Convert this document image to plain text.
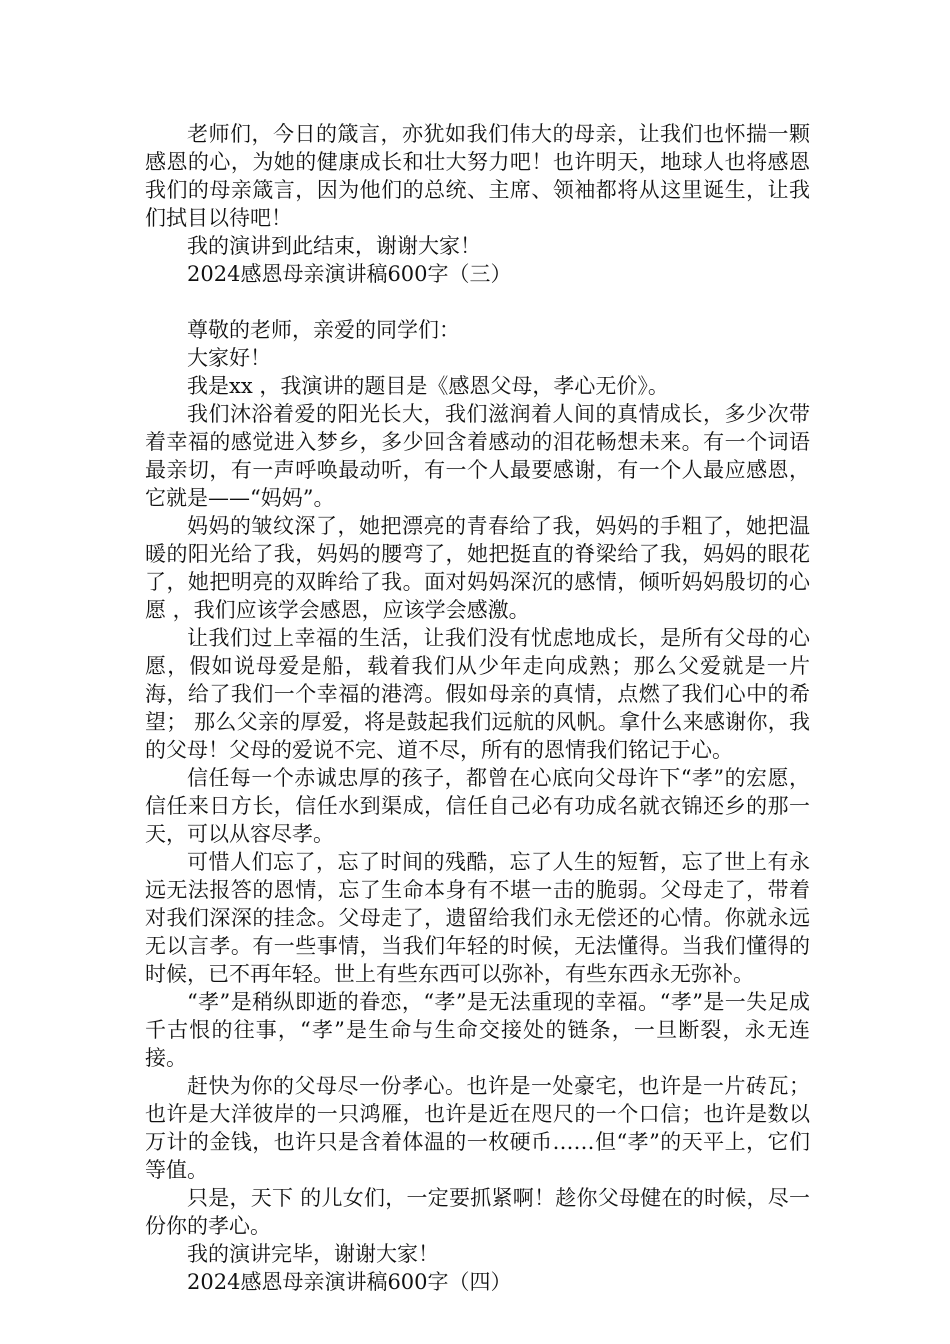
老师们，今日的箴言，亦犹如我们伟大的母亲，让我们也怀揣一颗感恩的心，为她的健康成长和壮大努力吧！也许明天，地球人也将感恩我们的母亲箴言，因为他们的总统、主席、领袖都将从这里诞生，让我们拭目以待吧！

我的演讲到此结束，谢谢大家！

2024感恩母亲演讲稿600字（三）

尊敬的老师，亲爱的同学们：

大家好！

我是xx ，我演讲的题目是《感恩父母，孝心无价》。

我们沐浴着爱的阳光长大，我们滋润着人间的真情成长，多少次带着幸福的感觉进入梦乡，多少回含着感动的泪花畅想未来。有一个词语最亲切，有一声呼唤最动听，有一个人最要感谢，有一个人最应感恩，它就是——“妈妈”。

妈妈的皱纹深了，她把漂亮的青春给了我，妈妈的手粗了，她把温暖的阳光给了我，妈妈的腰弯了，她把挺直的脊梁给了我，妈妈的眼花了，她把明亮的双眸给了我。面对妈妈深沉的感情，倾听妈妈殷切的心愿 ，我们应该学会感恩，应该学会感激。

让我们过上幸福的生活，让我们没有忧虑地成长，是所有父母的心愿，假如说母爱是船，载着我们从少年走向成熟；那么父爱就是一片海，给了我们一个幸福的港湾。假如母亲的真情，点燃了我们心中的希望； 那么父亲的厚爱，将是鼓起我们远航的风帆。拿什么来感谢你，我的父母！父母的爱说不完、道不尽，所有的恩情我们铭记于心。

信任每一个赤诚忠厚的孩子，都曾在心底向父母许下“孝”的宏愿，信任来日方长，信任水到渠成，信任自己必有功成名就衣锦还乡的那一天，可以从容尽孝。

可惜人们忘了，忘了时间的残酷，忘了人生的短暂，忘了世上有永远无法报答的恩情，忘了生命本身有不堪一击的脆弱。父母走了，带着对我们深深的挂念。父母走了，遗留给我们永无偿还的心情。你就永远无以言孝。有一些事情，当我们年轻的时候，无法懂得。当我们懂得的时候，已不再年轻。世上有些东西可以弥补，有些东西永无弥补。

“孝”是稍纵即逝的眷恋，“孝”是无法重现的幸福。“孝”是一失足成千古恨的往事，“孝”是生命与生命交接处的链条，一旦断裂，永无连接。

赶快为你的父母尽一份孝心。也许是一处豪宅，也许是一片砖瓦；也许是大洋彼岸的一只鸿雁，也许是近在咫尺的一个口信；也许是数以万计的金钱，也许只是含着体温的一枚硬币……但“孝”的天平上，它们等值。

只是，天下 的儿女们，一定要抓紧啊！趁你父母健在的时候，尽一份你的孝心。

我的演讲完毕，谢谢大家！

2024感恩母亲演讲稿600字（四）
